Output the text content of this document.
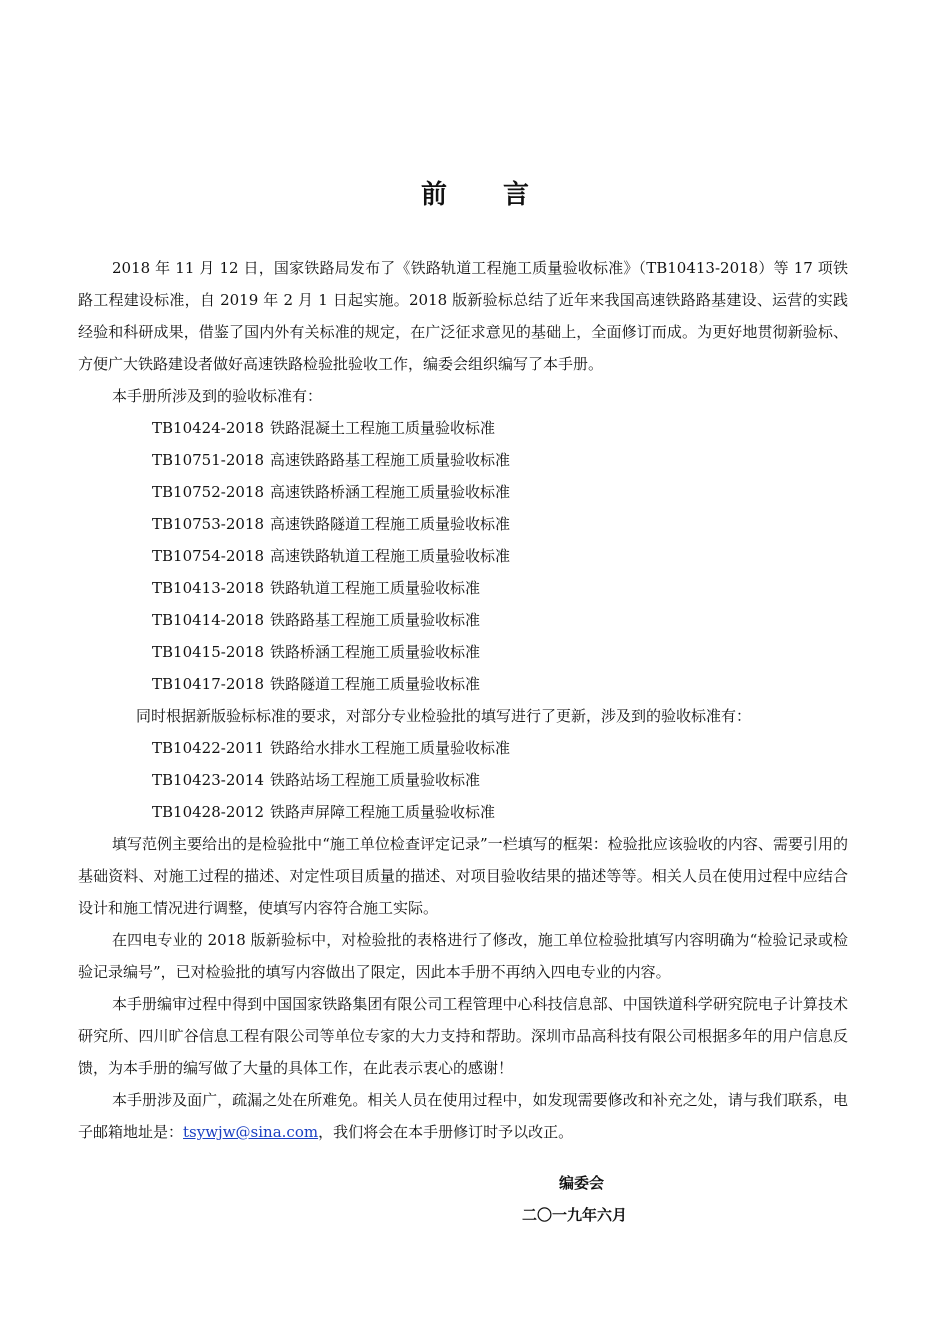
前言

2018 年 11 月 12 日，国家铁路局发布了《铁路轨道工程施工质量验收标准》（TB10413-2018）等 17 项铁路工程建设标准，自 2019 年 2 月 1 日起实施。2018 版新验标总结了近年来我国高速铁路路基建设、运营的实践经验和科研成果，借鉴了国内外有关标准的规定，在广泛征求意见的基础上，全面修订而成。为更好地贯彻新验标、方便广大铁路建设者做好高速铁路检验批验收工作，编委会组织编写了本手册。

本手册所涉及到的验收标准有：

TB10424-2018 铁路混凝土工程施工质量验收标准
TB10751-2018 高速铁路路基工程施工质量验收标准
TB10752-2018 高速铁路桥涵工程施工质量验收标准
TB10753-2018 高速铁路隧道工程施工质量验收标准
TB10754-2018 高速铁路轨道工程施工质量验收标准
TB10413-2018 铁路轨道工程施工质量验收标准
TB10414-2018 铁路路基工程施工质量验收标准
TB10415-2018 铁路桥涵工程施工质量验收标准
TB10417-2018 铁路隧道工程施工质量验收标准
同时根据新版验标标准的要求，对部分专业检验批的填写进行了更新，涉及到的验收标准有：
TB10422-2011 铁路给水排水工程施工质量验收标准
TB10423-2014 铁路站场工程施工质量验收标准
TB10428-2012 铁路声屏障工程施工质量验收标准

填写范例主要给出的是检验批中“施工单位检查评定记录”一栏填写的框架：检验批应该验收的内容、需要引用的基础资料、对施工过程的描述、对定性项目质量的描述、对项目验收结果的描述等等。相关人员在使用过程中应结合设计和施工情况进行调整，使填写内容符合施工实际。

在四电专业的 2018 版新验标中，对检验批的表格进行了修改，施工单位检验批填写内容明确为“检验记录或检验记录编号”，已对检验批的填写内容做出了限定，因此本手册不再纳入四电专业的内容。

本手册编审过程中得到中国国家铁路集团有限公司工程管理中心科技信息部、中国铁道科学研究院电子计算技术研究所、四川旷谷信息工程有限公司等单位专家的大力支持和帮助。深圳市品高科技有限公司根据多年的用户信息反馈，为本手册的编写做了大量的具体工作，在此表示衷心的感谢！

本手册涉及面广，疏漏之处在所难免。相关人员在使用过程中，如发现需要修改和补充之处，请与我们联系，电子邮箱地址是：tsywjw@sina.com，我们将会在本手册修订时予以改正。

编委会
二〇一九年六月
